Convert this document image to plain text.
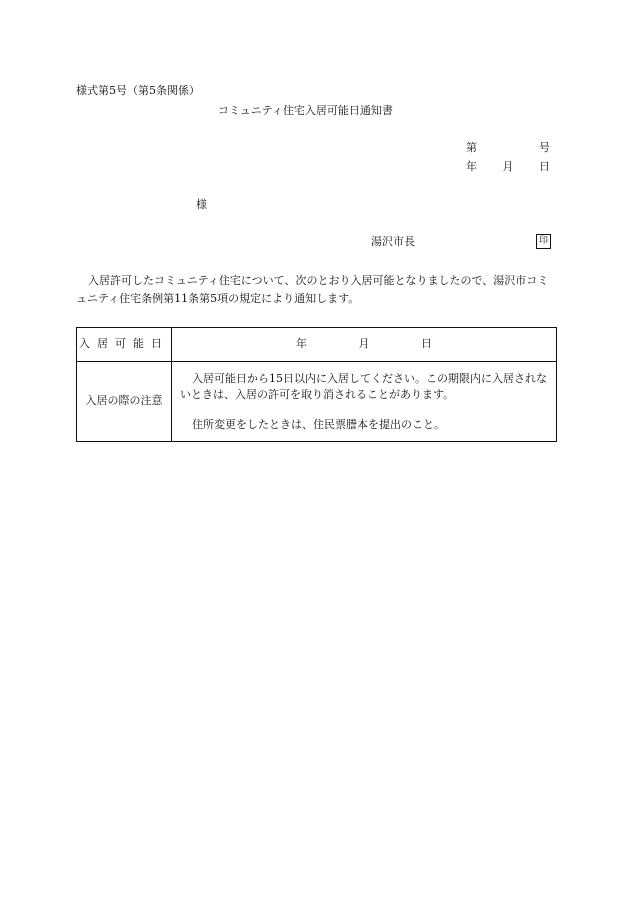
様式第5号（第5条関係）
コミュニティ住宅入居可能日通知書
第	号
年 月 日
様
湯沢市長	印
入居許可したコミュニティ住宅について、次のとおり入居可能となりましたので、湯沢市コミュニティ住宅条例第11条第5項の規定により通知します。
入居可能日	年 月 日
入居の際の注意	入居可能日から15日以内に入居してください。この期限内に入居されないときは、入居の許可を取り消されることがあります。

住所変更をしたときは、住民票謄本を提出のこと。
